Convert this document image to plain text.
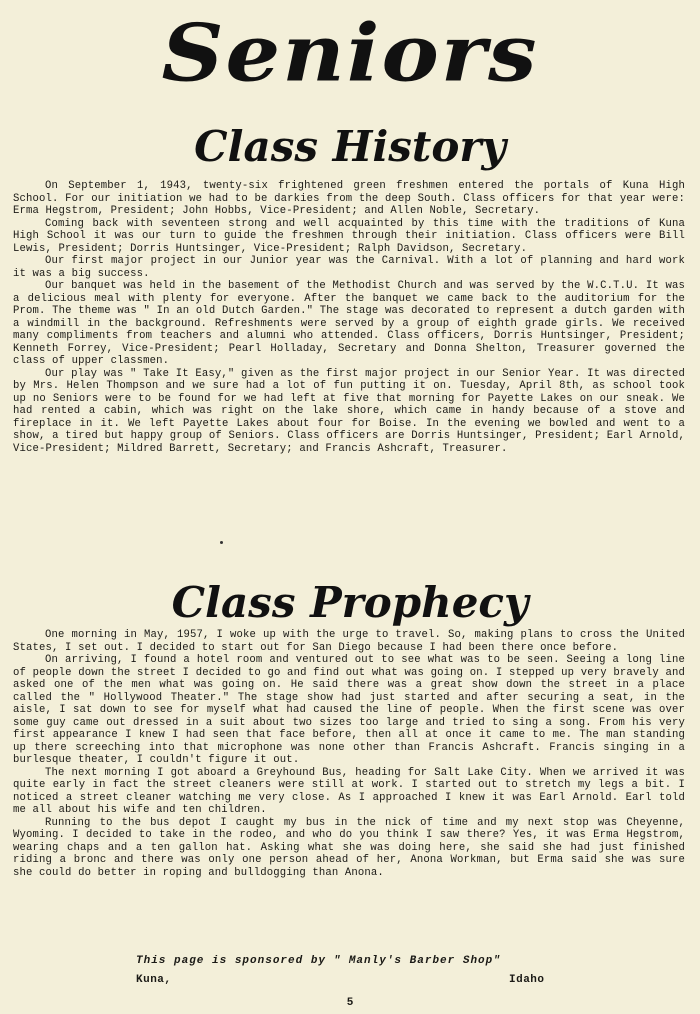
Seniors
Class History

On September 1, 1943, twenty-six frightened green freshmen entered the portals of Kuna High School. For our initiation we had to be darkies from the deep South. Class officers for that year were: Erma Hegstrom, President; John Hobbs, Vice-President; and Allen Noble, Secretary.

Coming back with seventeen strong and well acquainted by this time with the traditions of Kuna High School it was our turn to guide the freshmen through their initiation. Class officers were Bill Lewis, President; Dorris Huntsinger, Vice-President; Ralph Davidson, Secretary.

Our first major project in our Junior year was the Carnival. With a lot of planning and hard work it was a big success.

Our banquet was held in the basement of the Methodist Church and was served by the W.C.T.U. It was a delicious meal with plenty for everyone. After the banquet we came back to the auditorium for the Prom. The theme was " In an old Dutch Garden." The stage was decorated to represent a dutch garden with a windmill in the background. Refreshments were served by a group of eighth grade girls. We received many compliments from teachers and alumni who attended. Class officers, Dorris Huntsinger, President; Kenneth Forrey, Vice-President; Pearl Holladay, Secretary and Donna Shelton, Treasurer governed the class of upper classmen.

Our play was " Take It Easy," given as the first major project in our Senior Year. It was directed by Mrs. Helen Thompson and we sure had a lot of fun putting it on. Tuesday, April 8th, as school took up no Seniors were to be found for we had left at five that morning for Payette Lakes on our sneak. We had rented a cabin, which was right on the lake shore, which came in handy because of a stove and fireplace in it. We left Payette Lakes about four for Boise. In the evening we bowled and went to a show, a tired but happy group of Seniors. Class officers are Dorris Huntsinger, President; Earl Arnold, Vice-President; Mildred Barrett, Secretary; and Francis Ashcraft, Treasurer.

Class Prophecy

One morning in May, 1957, I woke up with the urge to travel. So, making plans to cross the United States, I set out. I decided to start out for San Diego because I had been there once before.

On arriving, I found a hotel room and ventured out to see what was to be seen. Seeing a long line of people down the street I decided to go and find out what was going on. I stepped up very bravely and asked one of the men what was going on. He said there was a great show down the street in a place called the " Hollywood Theater." The stage show had just started and after securing a seat, in the aisle, I sat down to see for myself what had caused the line of people. When the first scene was over some guy came out dressed in a suit about two sizes too large and tried to sing a song. From his very first appearance I knew I had seen that face before, then all at once it came to me. The man standing up there screeching into that microphone was none other than Francis Ashcraft. Francis singing in a burlesque theater, I couldn't figure it out.

The next morning I got aboard a Greyhound Bus, heading for Salt Lake City. When we arrived it was quite early in fact the street cleaners were still at work. I started out to stretch my legs a bit. I noticed a street cleaner watching me very close. As I approached I knew it was Earl Arnold. Earl told me all about his wife and ten children.

Running to the bus depot I caught my bus in the nick of time and my next stop was Cheyenne, Wyoming. I decided to take in the rodeo, and who do you think I saw there? Yes, it was Erma Hegstrom, wearing chaps and a ten gallon hat. Asking what she was doing here, she said she had just finished riding a bronc and there was only one person ahead of her, Anona Workman, but Erma said she was sure she could do better in roping and bulldogging than Anona.

This page is sponsored by " Manly's Barber Shop"
Kuna,	Idaho
5
